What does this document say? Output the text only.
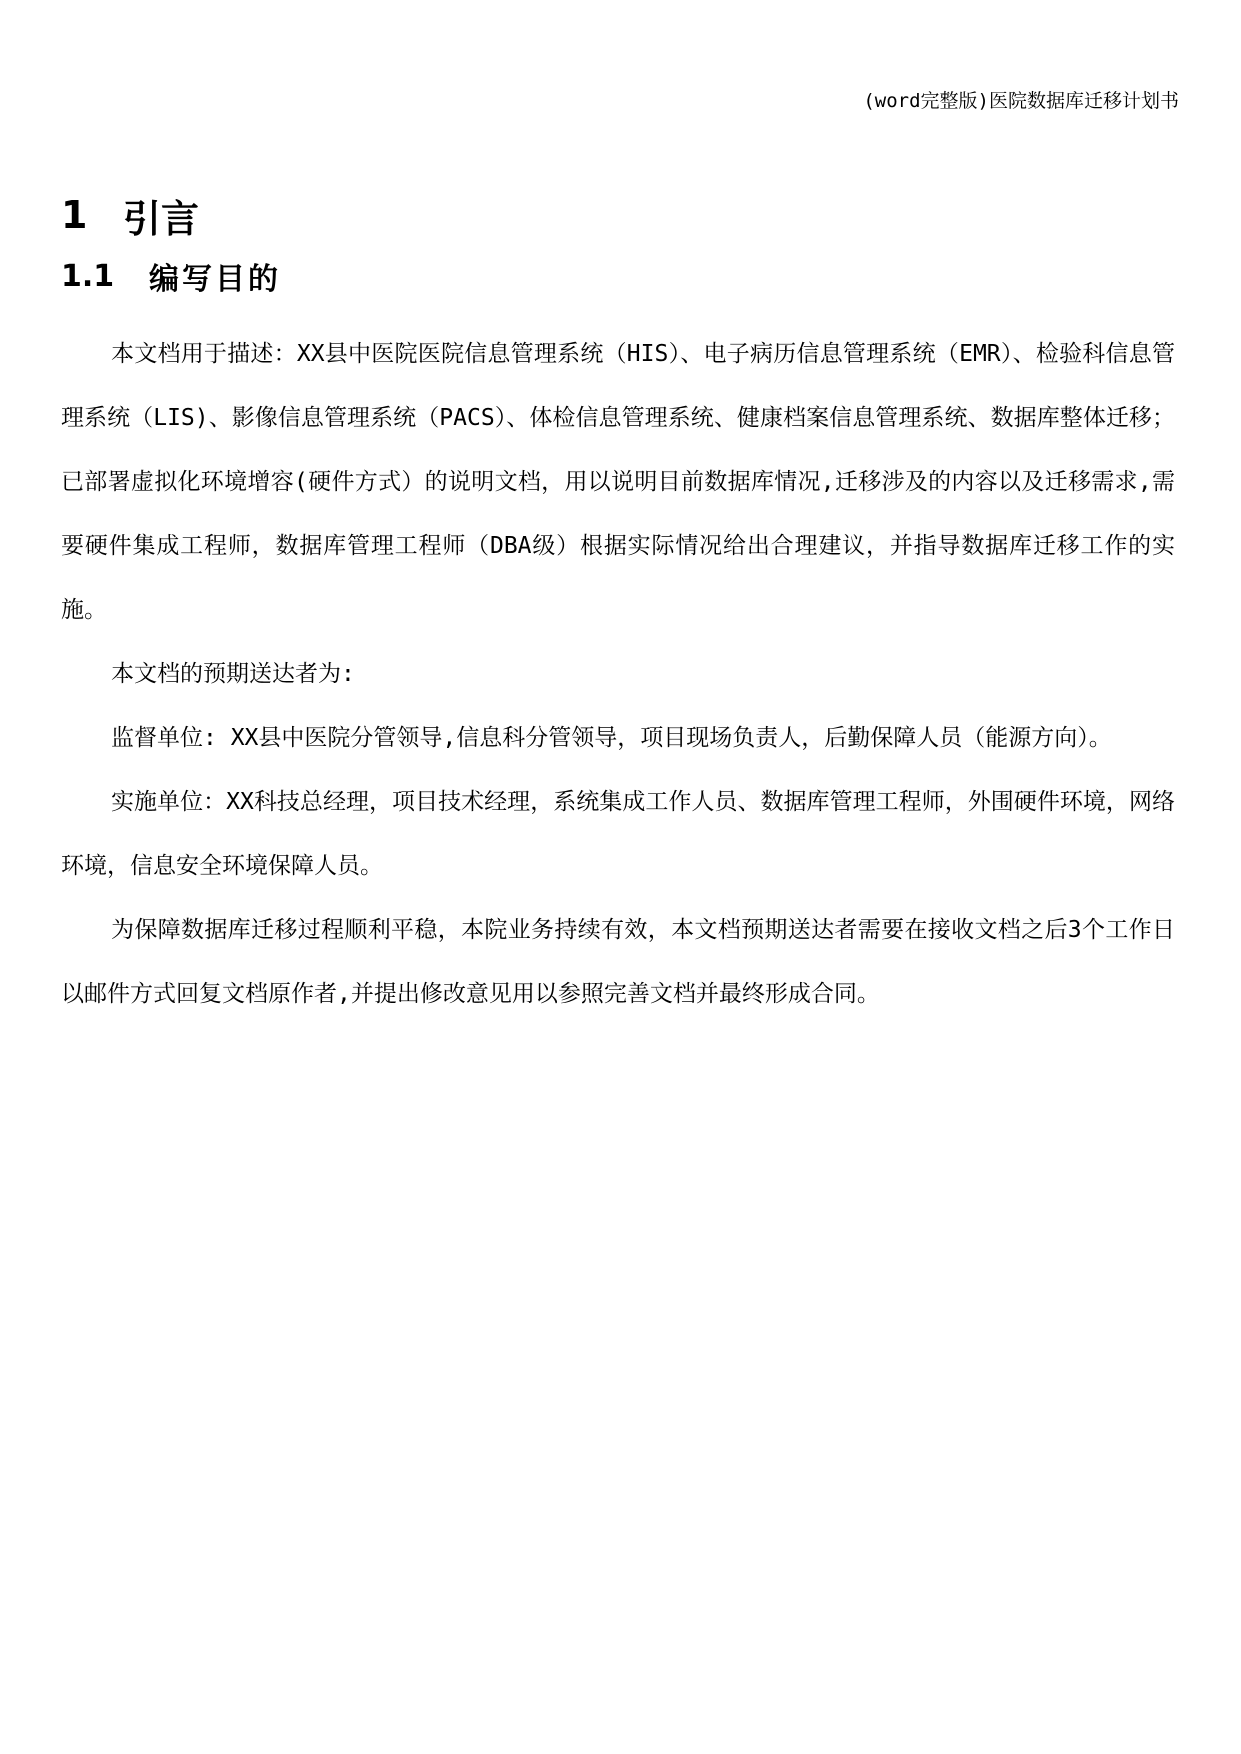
(word完整版)医院数据库迁移计划书
1 引言
1.1	编写目的

本文档用于描述：XX县中医院医院信息管理系统（HIS）、电子病历信息管理系统（EMR）、检验科信息管理系统（LIS)、影像信息管理系统（PACS）、体检信息管理系统、健康档案信息管理系统、数据库整体迁移；已部署虚拟化环境增容(硬件方式）的说明文档，用以说明目前数据库情况,迁移涉及的内容以及迁移需求,需要硬件集成工程师，数据库管理工程师（DBA级）根据实际情况给出合理建议，并指导数据库迁移工作的实施。

本文档的预期送达者为:

监督单位: XX县中医院分管领导,信息科分管领导，项目现场负责人，后勤保障人员（能源方向）。

实施单位：XX科技总经理，项目技术经理，系统集成工作人员、数据库管理工程师，外围硬件环境，网络环境，信息安全环境保障人员。

为保障数据库迁移过程顺利平稳，本院业务持续有效，本文档预期送达者需要在接收文档之后3个工作日以邮件方式回复文档原作者,并提出修改意见用以参照完善文档并最终形成合同。
